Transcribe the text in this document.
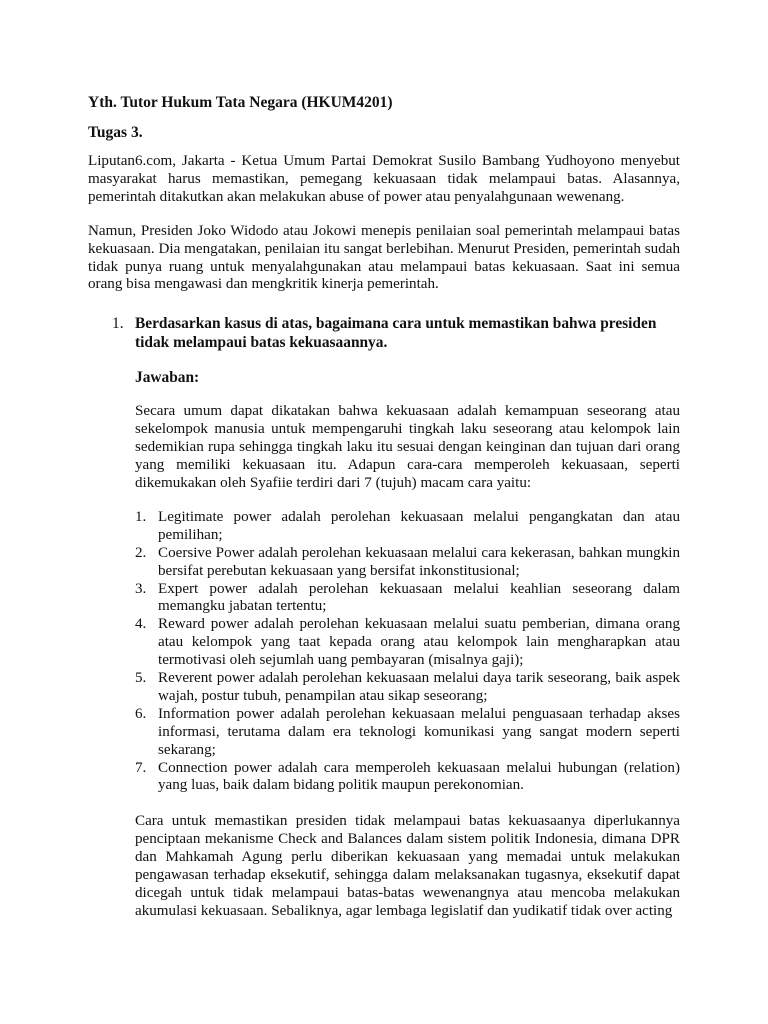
Yth. Tutor Hukum Tata Negara (HKUM4201)

Tugas 3.

Liputan6.com, Jakarta - Ketua Umum Partai Demokrat Susilo Bambang Yudhoyono menyebut masyarakat harus memastikan, pemegang kekuasaan tidak melampaui batas. Alasannya, pemerintah ditakutkan akan melakukan abuse of power atau penyalahgunaan wewenang.

Namun, Presiden Joko Widodo atau Jokowi menepis penilaian soal pemerintah melampaui batas kekuasaan. Dia mengatakan, penilaian itu sangat berlebihan. Menurut Presiden, pemerintah sudah tidak punya ruang untuk menyalahgunakan atau melampaui batas kekuasaan. Saat ini semua orang bisa mengawasi dan mengkritik kinerja pemerintah.

1. Berdasarkan kasus di atas, bagaimana cara untuk memastikan bahwa presiden tidak melampaui batas kekuasaannya.

Jawaban:

Secara umum dapat dikatakan bahwa kekuasaan adalah kemampuan seseorang atau sekelompok manusia untuk mempengaruhi tingkah laku seseorang atau kelompok lain sedemikian rupa sehingga tingkah laku itu sesuai dengan keinginan dan tujuan dari orang yang memiliki kekuasaan itu. Adapun cara-cara memperoleh kekuasaan, seperti dikemukakan oleh Syafiie terdiri dari 7 (tujuh) macam cara yaitu:

1. Legitimate power adalah perolehan kekuasaan melalui pengangkatan dan atau pemilihan;
2. Coersive Power adalah perolehan kekuasaan melalui cara kekerasan, bahkan mungkin bersifat perebutan kekuasaan yang bersifat inkonstitusional;
3. Expert power adalah perolehan kekuasaan melalui keahlian seseorang dalam memangku jabatan tertentu;
4. Reward power adalah perolehan kekuasaan melalui suatu pemberian, dimana orang atau kelompok yang taat kepada orang atau kelompok lain mengharapkan atau termotivasi oleh sejumlah uang pembayaran (misalnya gaji);
5. Reverent power adalah perolehan kekuasaan melalui daya tarik seseorang, baik aspek wajah, postur tubuh, penampilan atau sikap seseorang;
6. Information power adalah perolehan kekuasaan melalui penguasaan terhadap akses informasi, terutama dalam era teknologi komunikasi yang sangat modern seperti sekarang;
7. Connection power adalah cara memperoleh kekuasaan melalui hubungan (relation) yang luas, baik dalam bidang politik maupun perekonomian.

Cara untuk memastikan presiden tidak melampaui batas kekuasaanya diperlukannya penciptaan mekanisme Check and Balances dalam sistem politik Indonesia, dimana DPR dan Mahkamah Agung perlu diberikan kekuasaan yang memadai untuk melakukan pengawasan terhadap eksekutif, sehingga dalam melaksanakan tugasnya, eksekutif dapat dicegah untuk tidak melampaui batas-batas wewenangnya atau mencoba melakukan akumulasi kekuasaan. Sebaliknya, agar lembaga legislatif dan yudikatif tidak over acting
